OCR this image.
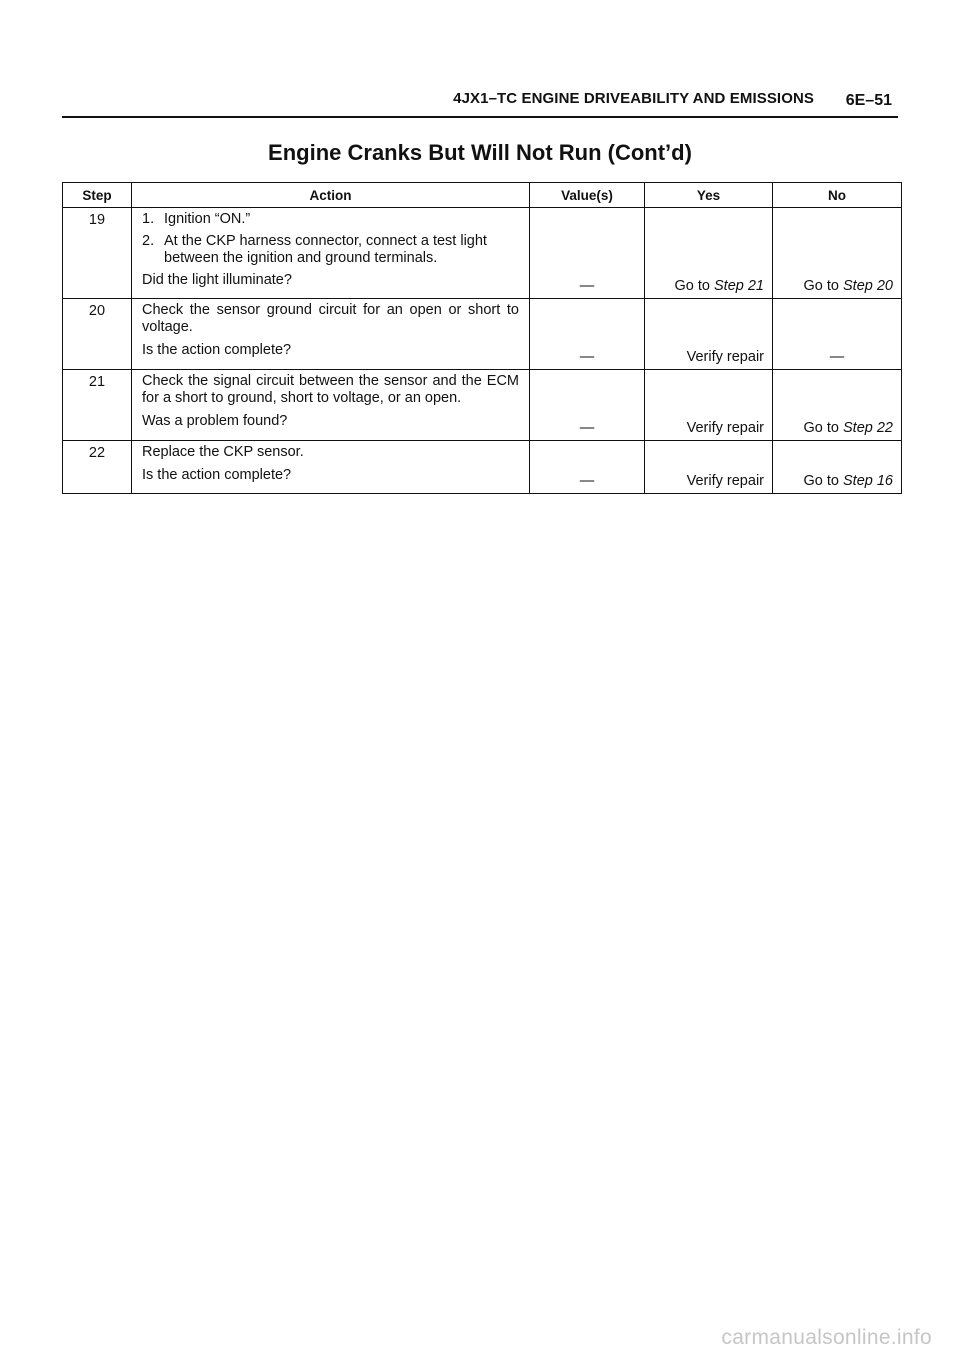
4JX1–TC ENGINE DRIVEABILITY AND EMISSIONS 6E–51
Engine Cranks But Will Not Run (Cont’d)
Step	Action	Value(s)	Yes	No
19	1. Ignition “ON.”
2. At the CKP harness connector, connect a test light between the ignition and ground terminals.
Did the light illuminate?	—	Go to Step 21	Go to Step 20
20	Check the sensor ground circuit for an open or short to voltage.
Is the action complete?	—	Verify repair	—
21	Check the signal circuit between the sensor and the ECM for a short to ground, short to voltage, or an open.
Was a problem found?	—	Verify repair	Go to Step 22
22	Replace the CKP sensor.
Is the action complete?	—	Verify repair	Go to Step 16
carmanualsonline.info
